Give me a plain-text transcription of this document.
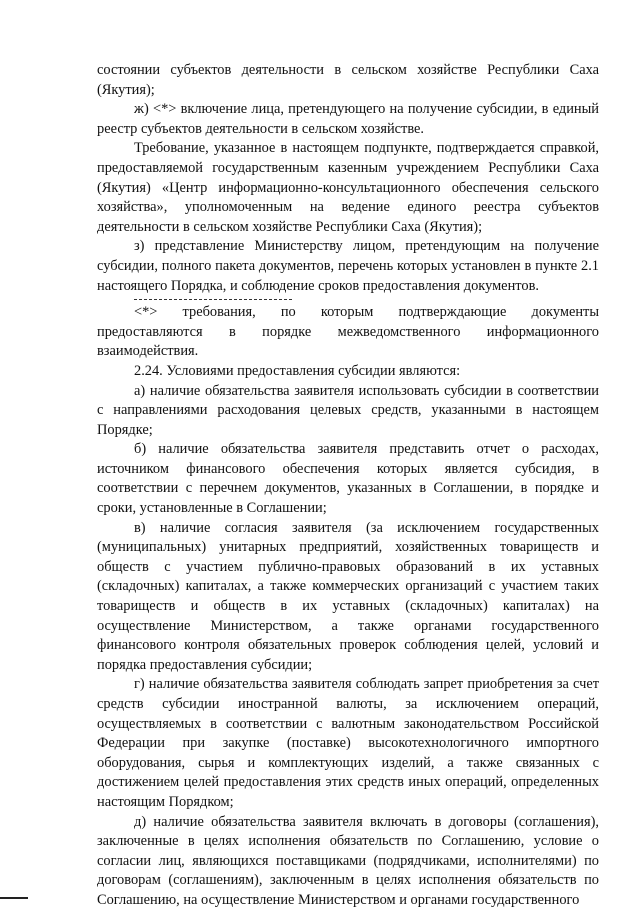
состоянии субъектов деятельности в сельском хозяйстве Республики Саха (Якутия);

ж) <*> включение лица, претендующего на получение субсидии, в единый реестр субъектов деятельности в сельском хозяйстве.

Требование, указанное в настоящем подпункте, подтверждается справкой, предоставляемой государственным казенным учреждением Республики Саха (Якутия) «Центр информационно-консультационного обеспечения сельского хозяйства», уполномоченным на ведение единого реестра субъектов деятельности в сельском хозяйстве Республики Саха (Якутия);

з) представление Министерству лицом, претендующим на получение субсидии, полного пакета документов, перечень которых установлен в пункте 2.1 настоящего Порядка, и соблюдение сроков предоставления документов.

<*> требования, по которым подтверждающие документы предоставляются в порядке межведомственного информационного взаимодействия.

2.24. Условиями предоставления субсидии являются:

а) наличие обязательства заявителя использовать субсидии в соответствии с направлениями расходования целевых средств, указанными в настоящем Порядке;

б) наличие обязательства заявителя представить отчет о расходах, источником финансового обеспечения которых является субсидия, в соответствии с перечнем документов, указанных в Соглашении, в порядке и сроки, установленные в Соглашении;

в) наличие согласия заявителя (за исключением государственных (муниципальных) унитарных предприятий, хозяйственных товариществ и обществ с участием публично-правовых образований в их уставных (складочных) капиталах, а также коммерческих организаций с участием таких товариществ и обществ в их уставных (складочных) капиталах) на осуществление Министерством, а также органами государственного финансового контроля обязательных проверок соблюдения целей, условий и порядка предоставления субсидии;

г) наличие обязательства заявителя соблюдать запрет приобретения за счет средств субсидии иностранной валюты, за исключением операций, осуществляемых в соответствии с валютным законодательством Российской Федерации при закупке (поставке) высокотехнологичного импортного оборудования, сырья и комплектующих изделий, а также связанных с достижением целей предоставления этих средств иных операций, определенных настоящим Порядком;

д) наличие обязательства заявителя включать в договоры (соглашения), заключенные в целях исполнения обязательств по Соглашению, условие о согласии лиц, являющихся поставщиками (подрядчиками, исполнителями) по договорам (соглашениям), заключенным в целях исполнения обязательств по Соглашению, на осуществление Министерством и органами государственного
